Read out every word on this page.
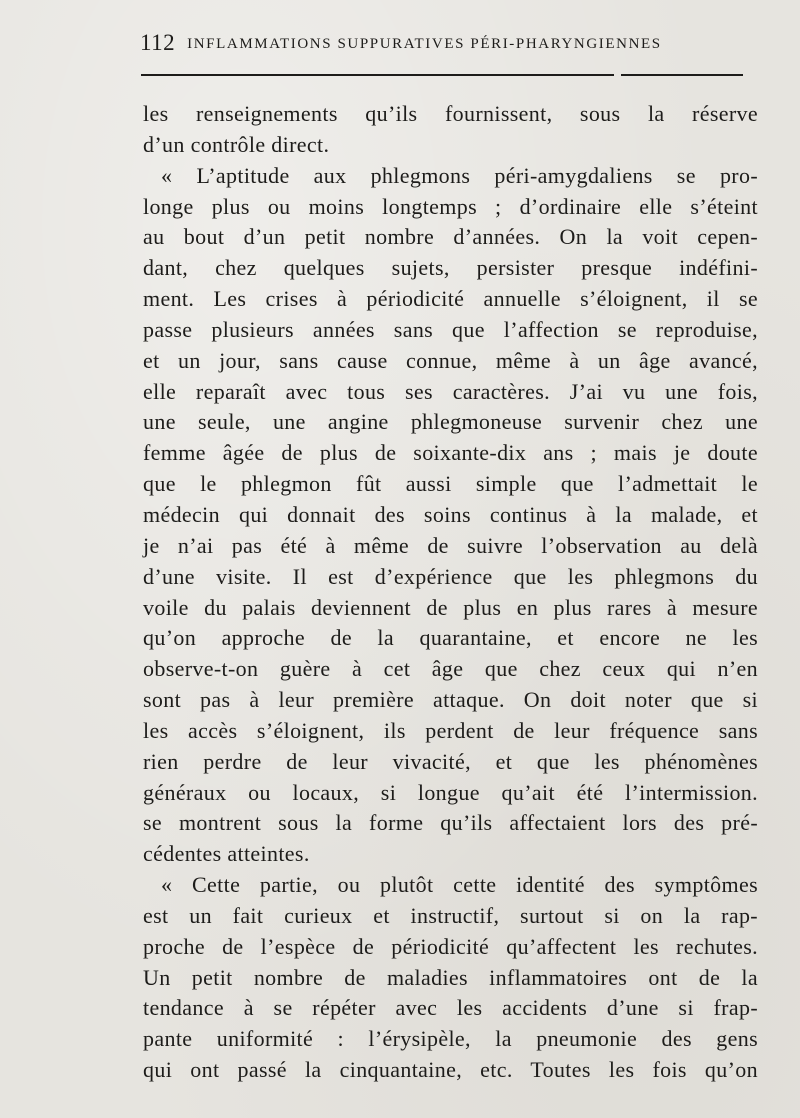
112 INFLAMMATIONS SUPPURATIVES PÉRI-PHARYNGIENNES
les renseignements qu’ils fournissent, sous la réserve
d’un contrôle direct.
« L’aptitude aux phlegmons péri-amygdaliens se pro-
longe plus ou moins longtemps ; d’ordinaire elle s’éteint
au bout d’un petit nombre d’années. On la voit cepen-
dant, chez quelques sujets, persister presque indéfini-
ment. Les crises à périodicité annuelle s’éloignent, il se
passe plusieurs années sans que l’affection se reproduise,
et un jour, sans cause connue, même à un âge avancé,
elle reparaît avec tous ses caractères. J’ai vu une fois,
une seule, une angine phlegmoneuse survenir chez une
femme âgée de plus de soixante-dix ans ; mais je doute
que le phlegmon fût aussi simple que l’admettait le
médecin qui donnait des soins continus à la malade, et
je n’ai pas été à même de suivre l’observation au delà
d’une visite. Il est d’expérience que les phlegmons du
voile du palais deviennent de plus en plus rares à mesure
qu’on approche de la quarantaine, et encore ne les
observe-t-on guère à cet âge que chez ceux qui n’en
sont pas à leur première attaque. On doit noter que si
les accès s’éloignent, ils perdent de leur fréquence sans
rien perdre de leur vivacité, et que les phénomènes
généraux ou locaux, si longue qu’ait été l’intermission.
se montrent sous la forme qu’ils affectaient lors des pré-
cédentes atteintes.
« Cette partie, ou plutôt cette identité des symptômes
est un fait curieux et instructif, surtout si on la rap-
proche de l’espèce de périodicité qu’affectent les rechutes.
Un petit nombre de maladies inflammatoires ont de la
tendance à se répéter avec les accidents d’une si frap-
pante uniformité : l’érysipèle, la pneumonie des gens
qui ont passé la cinquantaine, etc. Toutes les fois qu’on
